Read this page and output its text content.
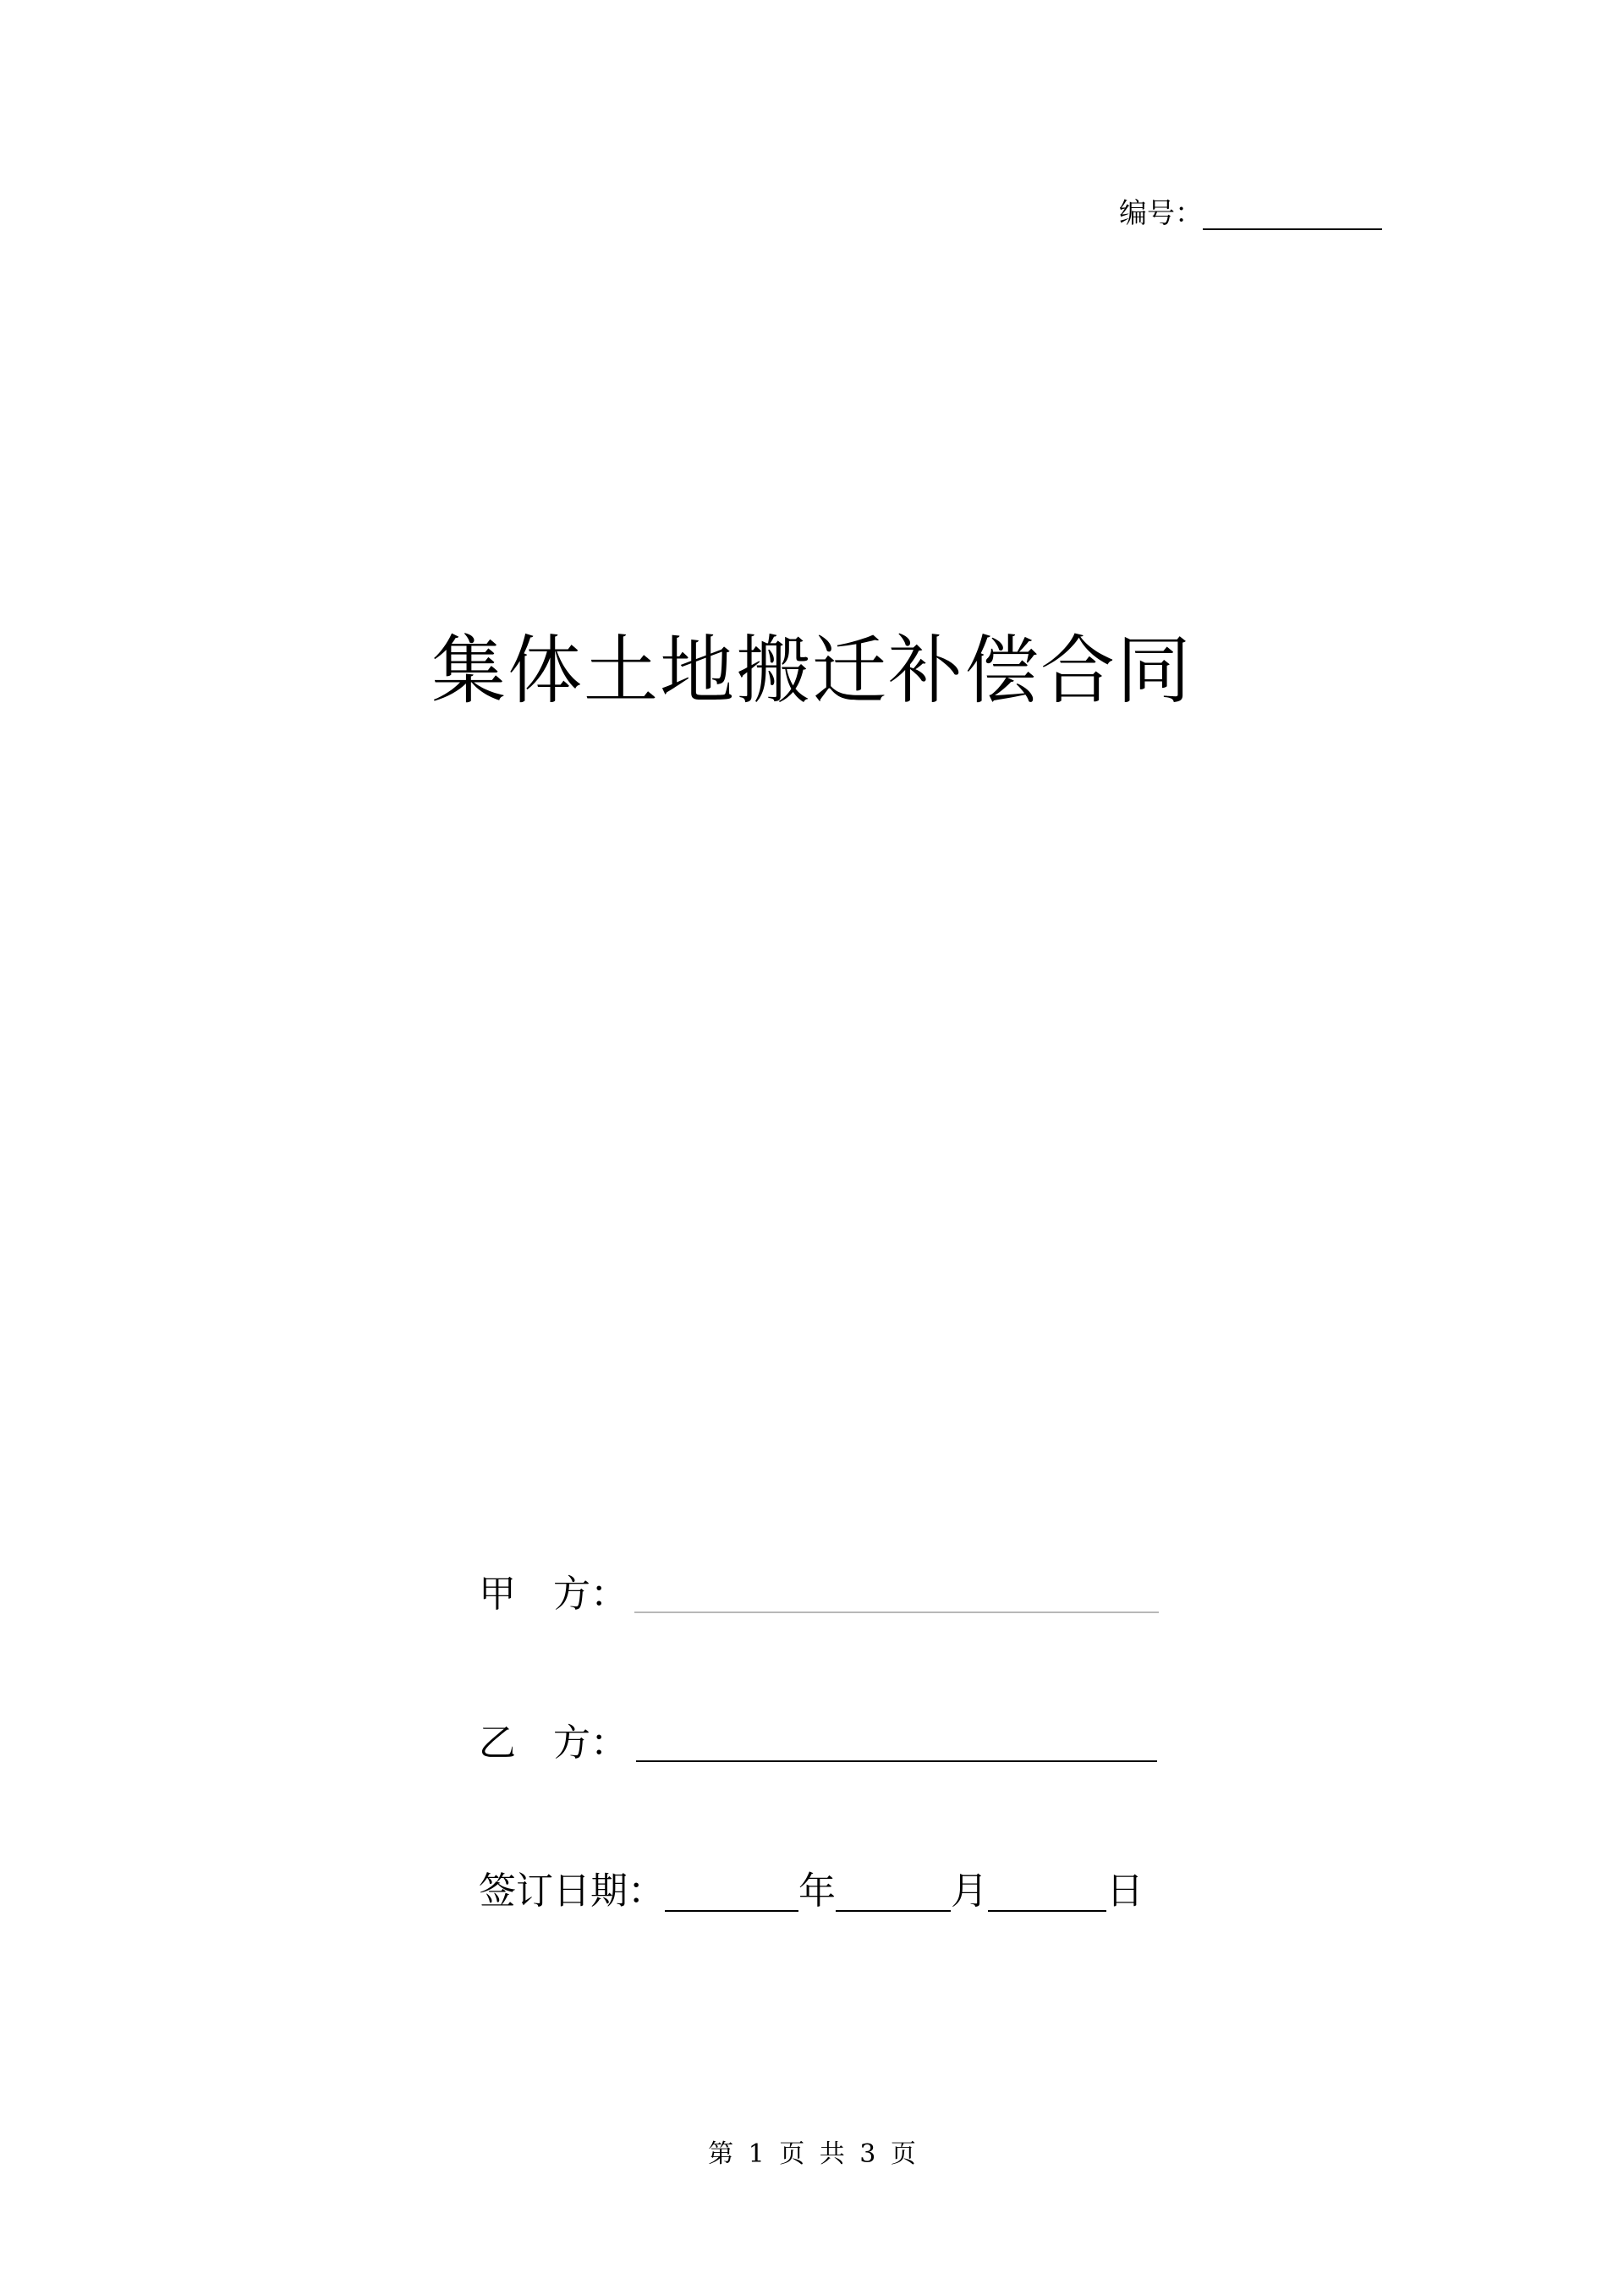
编号：
集体土地搬迁补偿合同
甲 方：
乙 方：
签订日期：	年	月	日
第 1 页 共 3 页
